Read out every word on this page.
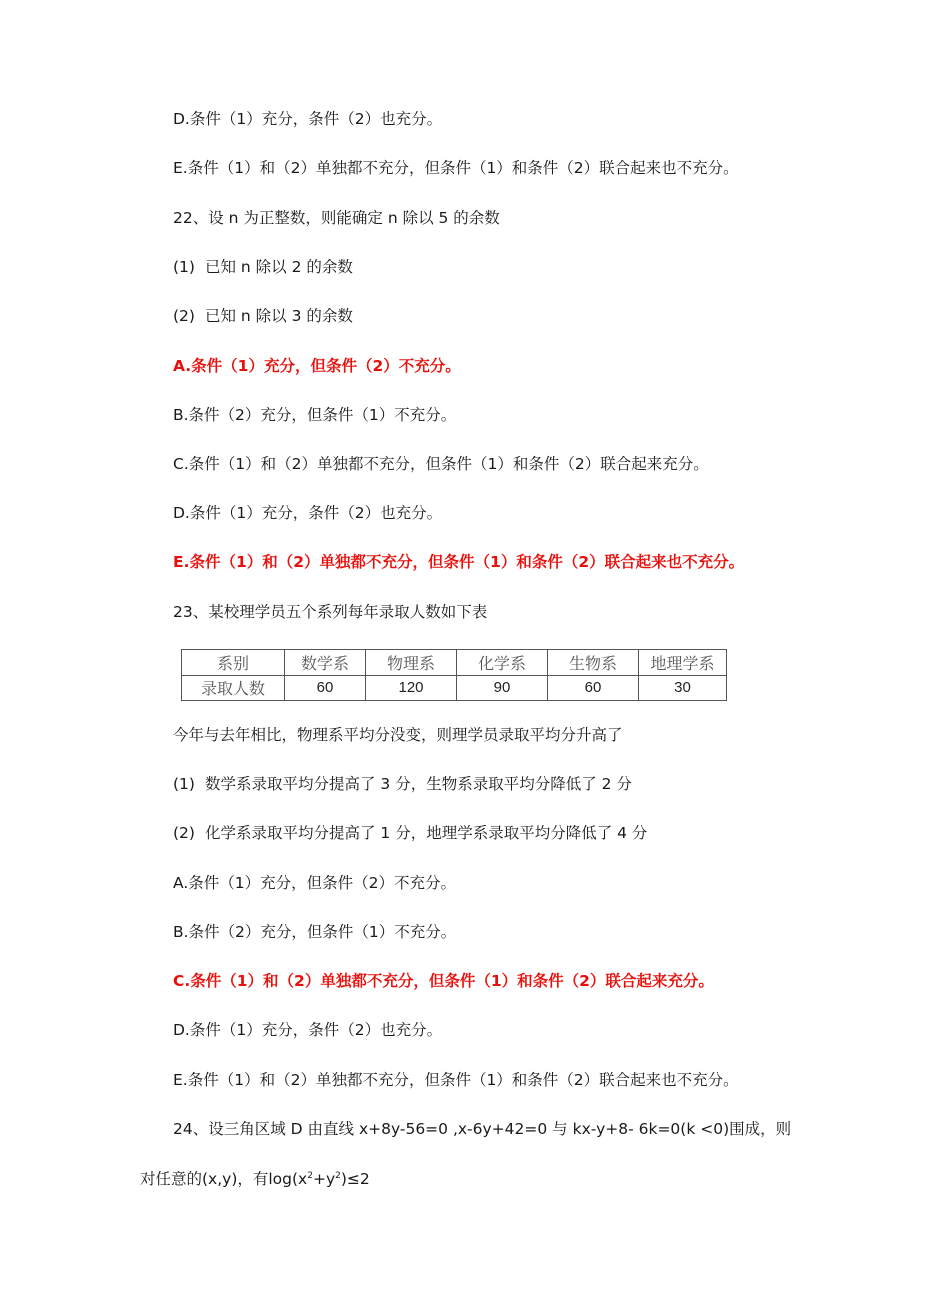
D.条件（1）充分，条件（2）也充分。
E.条件（1）和（2）单独都不充分，但条件（1）和条件（2）联合起来也不充分。
22、设 n 为正整数，则能确定 n 除以 5 的余数
(1) 已知 n 除以 2 的余数
(2) 已知 n 除以 3 的余数
A.条件（1）充分，但条件（2）不充分。
B.条件（2）充分，但条件（1）不充分。
C.条件（1）和（2）单独都不充分，但条件（1）和条件（2）联合起来充分。
D.条件（1）充分，条件（2）也充分。
E.条件（1）和（2）单独都不充分，但条件（1）和条件（2）联合起来也不充分。
23、某校理学员五个系列每年录取人数如下表
系别	数学系	物理系	化学系	生物系	地理学系
录取人数	60	120	90	60	30
今年与去年相比，物理系平均分没变，则理学员录取平均分升高了
(1) 数学系录取平均分提高了 3 分，生物系录取平均分降低了 2 分
(2) 化学系录取平均分提高了 1 分，地理学系录取平均分降低了 4 分
A.条件（1）充分，但条件（2）不充分。
B.条件（2）充分，但条件（1）不充分。
C.条件（1）和（2）单独都不充分，但条件（1）和条件（2）联合起来充分。
D.条件（1）充分，条件（2）也充分。
E.条件（1）和（2）单独都不充分，但条件（1）和条件（2）联合起来也不充分。
24、设三角区域 D 由直线 x+8y-56=0 ,x-6y+42=0 与 kx-y+8- 6k=0(k <0)围成，则
对任意的(x,y)，有$\log(x^2+y^2)\le 2$
